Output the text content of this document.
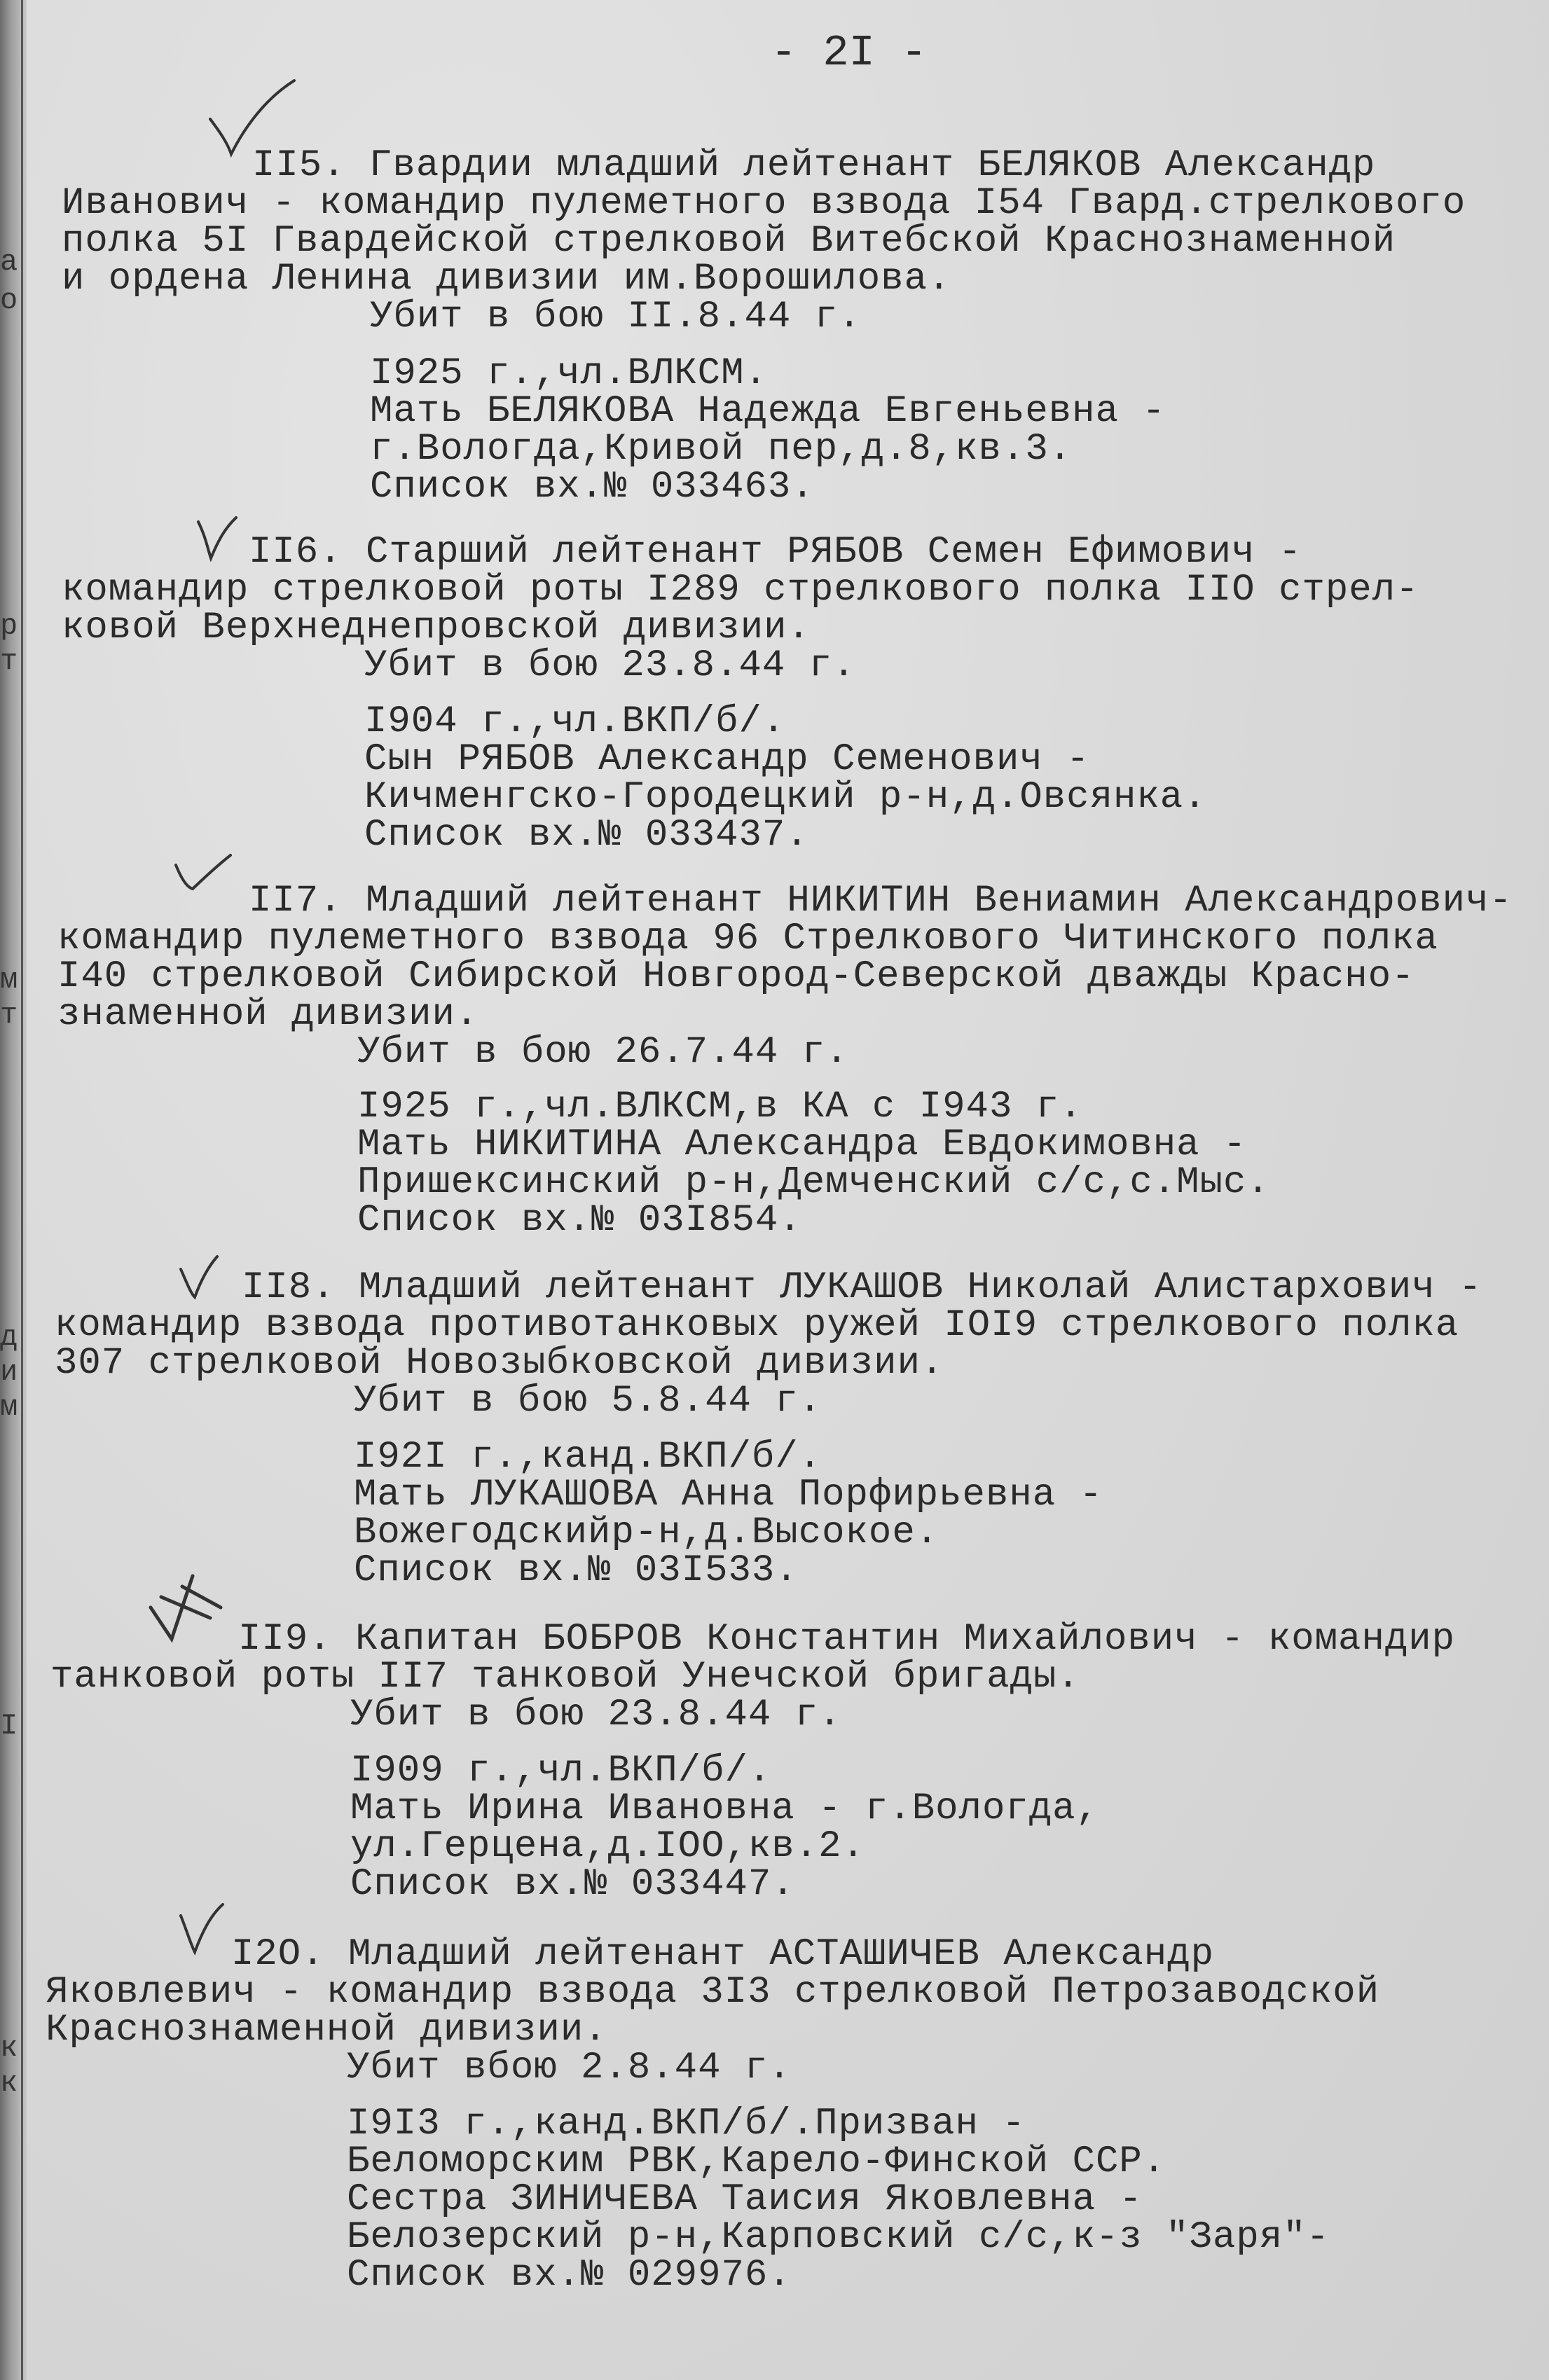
а
о
р
т
м
т
д
и
м
I
к
к
- 2I -
II5. Гвардии младший лейтенант БЕЛЯКОВ Александр
Иванович - командир пулеметного взвода I54 Гвард.стрелкового
полка 5I Гвардейской стрелковой Витебской Краснознаменной
и ордена Ленина дивизии им.Ворошилова.
Убит в бою II.8.44 г.
I925 г.,чл.ВЛКСМ.
Мать БЕЛЯКОВА Надежда Евгеньевна -
г.Вологда,Кривой пер,д.8,кв.3.
Список вх.№ 033463.
II6. Старший лейтенант РЯБОВ Семен Ефимович -
командир стрелковой роты I289 стрелкового полка IIO стрел-
ковой Верхнеднепровской дивизии.
Убит в бою 23.8.44 г.
I904 г.,чл.ВКП/б/.
Сын РЯБОВ Александр Семенович -
Кичменгско-Городецкий р-н,д.Овсянка.
Список вх.№ 033437.
II7. Младший лейтенант НИКИТИН Вениамин Александрович-
командир пулеметного взвода 96 Стрелкового Читинского полка
I40 стрелковой Сибирской Новгород-Северской дважды Красно-
знаменной дивизии.
Убит в бою 26.7.44 г.
I925 г.,чл.ВЛКСМ,в КА с I943 г.
Мать НИКИТИНА Александра Евдокимовна -
Пришексинский р-н,Демченский с/с,с.Мыс.
Список вх.№ 03I854.
II8. Младший лейтенант ЛУКАШОВ Николай Алистархович -
командир взвода противотанковых ружей IOI9 стрелкового полка
307 стрелковой Новозыбковской дивизии.
Убит в бою 5.8.44 г.
I92I г.,канд.ВКП/б/.
Мать ЛУКАШОВА Анна Порфирьевна -
Вожегодскийр-н,д.Высокое.
Список вх.№ 03I533.
II9. Капитан БОБРОВ Константин Михайлович - командир
танковой роты II7 танковой Унечской бригады.
Убит в бою 23.8.44 г.
I909 г.,чл.ВКП/б/.
Мать Ирина Ивановна - г.Вологда,
ул.Герцена,д.IOO,кв.2.
Список вх.№ 033447.
I2O. Младший лейтенант АСТАШИЧЕВ Александр
Яковлевич - командир взвода 3I3 стрелковой Петрозаводской
Краснознаменной дивизии.
Убит вбою 2.8.44 г.
I9I3 г.,канд.ВКП/б/.Призван -
Беломорским РВК,Карело-Финской ССР.
Сестра ЗИНИЧЕВА Таисия Яковлевна -
Белозерский р-н,Карповский с/с,к-з "Заря"-
Список вх.№ 029976.
